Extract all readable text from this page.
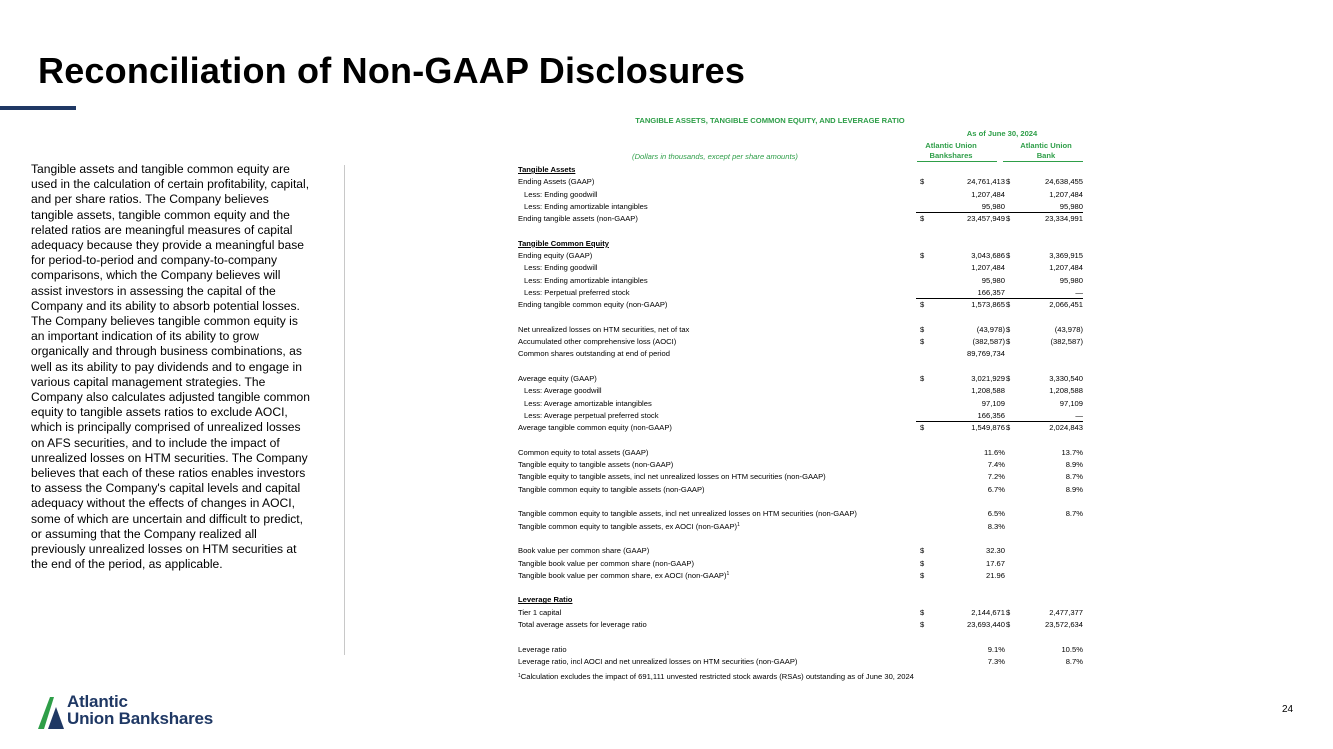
Reconciliation of Non-GAAP Disclosures
Tangible assets and tangible common equity are used in the calculation of certain profitability, capital, and per share ratios. The Company believes tangible assets, tangible common equity and the related ratios are meaningful measures of capital adequacy because they provide a meaningful base for period-to-period and company-to-company comparisons, which the Company believes will assist investors in assessing the capital of the Company and its ability to absorb potential losses. The Company believes tangible common equity is an important indication of its ability to grow organically and through business combinations, as well as its ability to pay dividends and to engage in various capital management strategies. The Company also calculates adjusted tangible common equity to tangible assets ratios to exclude AOCI, which is principally comprised of unrealized losses on AFS securities, and to include the impact of unrealized losses on HTM securities. The Company believes that each of these ratios enables investors to assess the Company's capital levels and capital adequacy without the effects of changes in AOCI, some of which are uncertain and difficult to predict, or assuming that the Company realized all previously unrealized losses on HTM securities at the end of the period, as applicable.
TANGIBLE ASSETS, TANGIBLE COMMON EQUITY, AND LEVERAGE RATIO
As of June 30, 2024
Atlantic Union
Bankshares
Atlantic Union
Bank
(Dollars in thousands, except per share amounts)
Tangible Assets
Ending Assets (GAAP)	$	24,761,413 $	24,638,455
Less: Ending goodwill	1,207,484	1,207,484
Less: Ending amortizable intangibles	95,980	95,980
Ending tangible assets (non-GAAP)	$	23,457,949 $	23,334,991
Tangible Common Equity
Ending equity (GAAP)	$	3,043,686 $	3,369,915
Less: Ending goodwill	1,207,484	1,207,484
Less: Ending amortizable intangibles	95,980	95,980
Less: Perpetual preferred stock	166,357	—
Ending tangible common equity (non-GAAP)	$	1,573,865 $	2,066,451
Net unrealized losses on HTM securities, net of tax	$	(43,978) $	(43,978)
Accumulated other comprehensive loss (AOCI)	$	(382,587) $	(382,587)
Common shares outstanding at end of period	89,769,734
Average equity (GAAP)	$	3,021,929 $	3,330,540
Less: Average goodwill	1,208,588	1,208,588
Less: Average amortizable intangibles	97,109	97,109
Less: Average perpetual preferred stock	166,356	—
Average tangible common equity (non-GAAP)	$	1,549,876 $	2,024,843
Common equity to total assets (GAAP)	11.6%	13.7%
Tangible equity to tangible assets (non-GAAP)	7.4%	8.9%
Tangible equity to tangible assets, incl net unrealized losses on HTM securities (non-GAAP)	7.2%	8.7%
Tangible common equity to tangible assets (non-GAAP)	6.7%	8.9%
Tangible common equity to tangible assets, incl net unrealized losses on HTM securities (non-GAAP)	6.5%	8.7%
Tangible common equity to tangible assets, ex AOCI (non-GAAP)$^1$	8.3%
Book value per common share (GAAP)	$	32.30
Tangible book value per common share (non-GAAP)	$	17.67
Tangible book value per common share, ex AOCI (non-GAAP)$^1$	$	21.96
Leverage Ratio
Tier 1 capital	$	2,144,671 $	2,477,377
Total average assets for leverage ratio	$	23,693,440 $	23,572,634
Leverage ratio	9.1%	10.5%
Leverage ratio, incl AOCI and net unrealized losses on HTM securities (non-GAAP)	7.3%	8.7%
$^1$Calculation excludes the impact of 691,111 unvested restricted stock awards (RSAs) outstanding as of June 30, 2024
Atlantic
Union Bankshares	24
